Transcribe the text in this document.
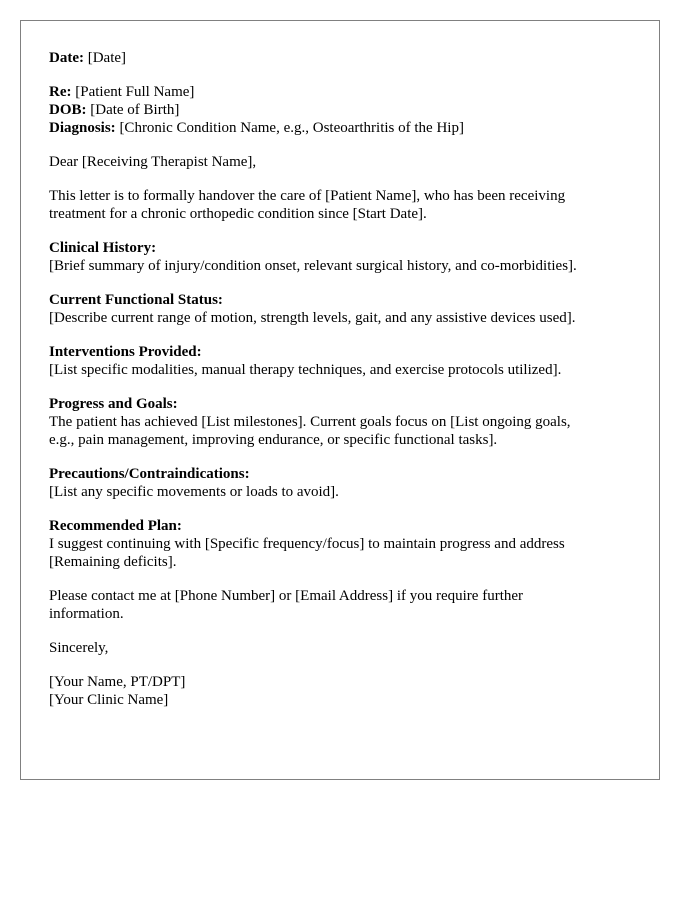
Date: [Date]
Re: [Patient Full Name]
DOB: [Date of Birth]
Diagnosis: [Chronic Condition Name, e.g., Osteoarthritis of the Hip]
Dear [Receiving Therapist Name],
This letter is to formally handover the care of [Patient Name], who has been receiving
treatment for a chronic orthopedic condition since [Start Date].
Clinical History:
[Brief summary of injury/condition onset, relevant surgical history, and co-morbidities].
Current Functional Status:
[Describe current range of motion, strength levels, gait, and any assistive devices used].
Interventions Provided:
[List specific modalities, manual therapy techniques, and exercise protocols utilized].
Progress and Goals:
The patient has achieved [List milestones]. Current goals focus on [List ongoing goals,
e.g., pain management, improving endurance, or specific functional tasks].
Precautions/Contraindications:
[List any specific movements or loads to avoid].
Recommended Plan:
I suggest continuing with [Specific frequency/focus] to maintain progress and address
[Remaining deficits].
Please contact me at [Phone Number] or [Email Address] if you require further
information.
Sincerely,
[Your Name, PT/DPT]
[Your Clinic Name]
